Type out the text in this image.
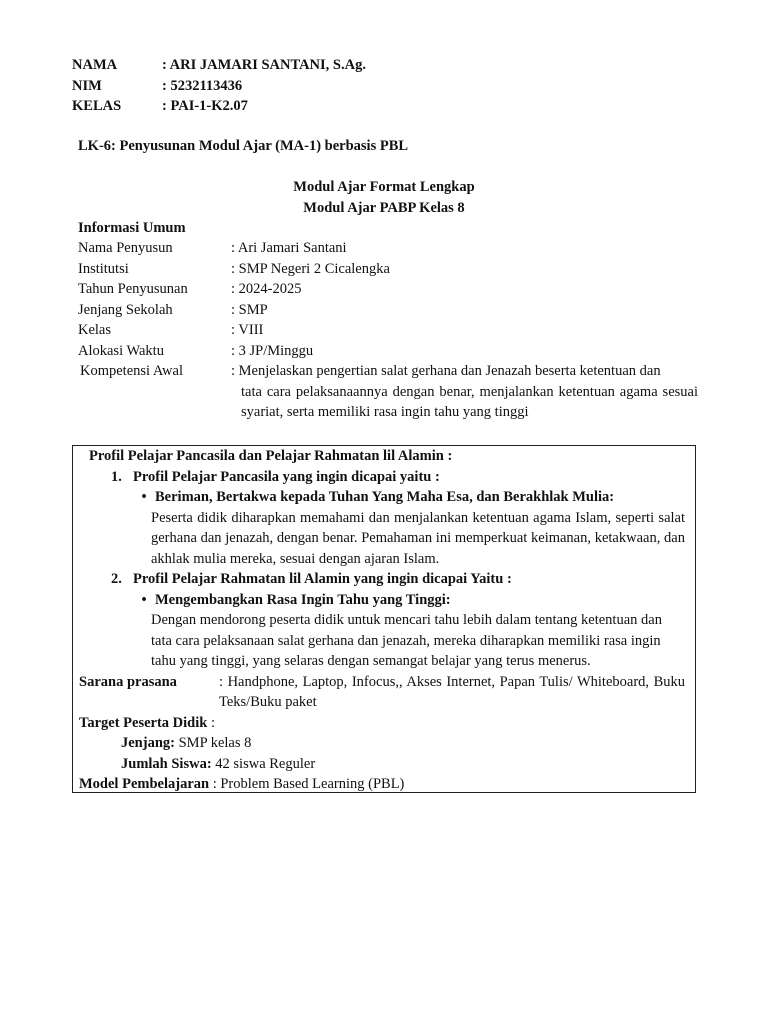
NAMA	: ARI JAMARI SANTANI, S.Ag.
NIM	: 5232113436
KELAS	: PAI-1-K2.07
LK-6: Penyusunan Modul Ajar (MA-1) berbasis PBL
Modul Ajar Format Lengkap
Modul Ajar PABP Kelas 8
Informasi Umum
Nama Penyusun	: Ari Jamari Santani
Institutsi	: SMP Negeri 2 Cicalengka
Tahun Penyusunan	: 2024-2025
Jenjang Sekolah	: SMP
Kelas	: VIII
Alokasi Waktu	: 3 JP/Minggu
Kompetensi Awal	: Menjelaskan pengertian salat gerhana dan Jenazah beserta ketentuan dan
tata cara pelaksanaannya dengan benar, menjalankan ketentuan agama sesuai syariat, serta memiliki rasa ingin tahu yang tinggi
Profil Pelajar Pancasila dan Pelajar Rahmatan lil Alamin :
1. Profil Pelajar Pancasila yang ingin dicapai yaitu :
• Beriman, Bertakwa kepada Tuhan Yang Maha Esa, dan Berakhlak Mulia:
Peserta didik diharapkan memahami dan menjalankan ketentuan agama Islam, seperti salat gerhana dan jenazah, dengan benar. Pemahaman ini memperkuat keimanan, ketakwaan, dan akhlak mulia mereka, sesuai dengan ajaran Islam.
2. Profil Pelajar Rahmatan lil Alamin yang ingin dicapai Yaitu :
• Mengembangkan Rasa Ingin Tahu yang Tinggi:
Dengan mendorong peserta didik untuk mencari tahu lebih dalam tentang ketentuan dan
tata cara pelaksanaan salat gerhana dan jenazah, mereka diharapkan memiliki rasa ingin
tahu yang tinggi, yang selaras dengan semangat belajar yang terus menerus.
Sarana prasana	: Handphone, Laptop, Infocus,, Akses Internet, Papan Tulis/ Whiteboard, Buku Teks/Buku paket
Target Peserta Didik :
Jenjang: SMP kelas 8
Jumlah Siswa: 42 siswa Reguler
Model Pembelajaran : Problem Based Learning (PBL)
